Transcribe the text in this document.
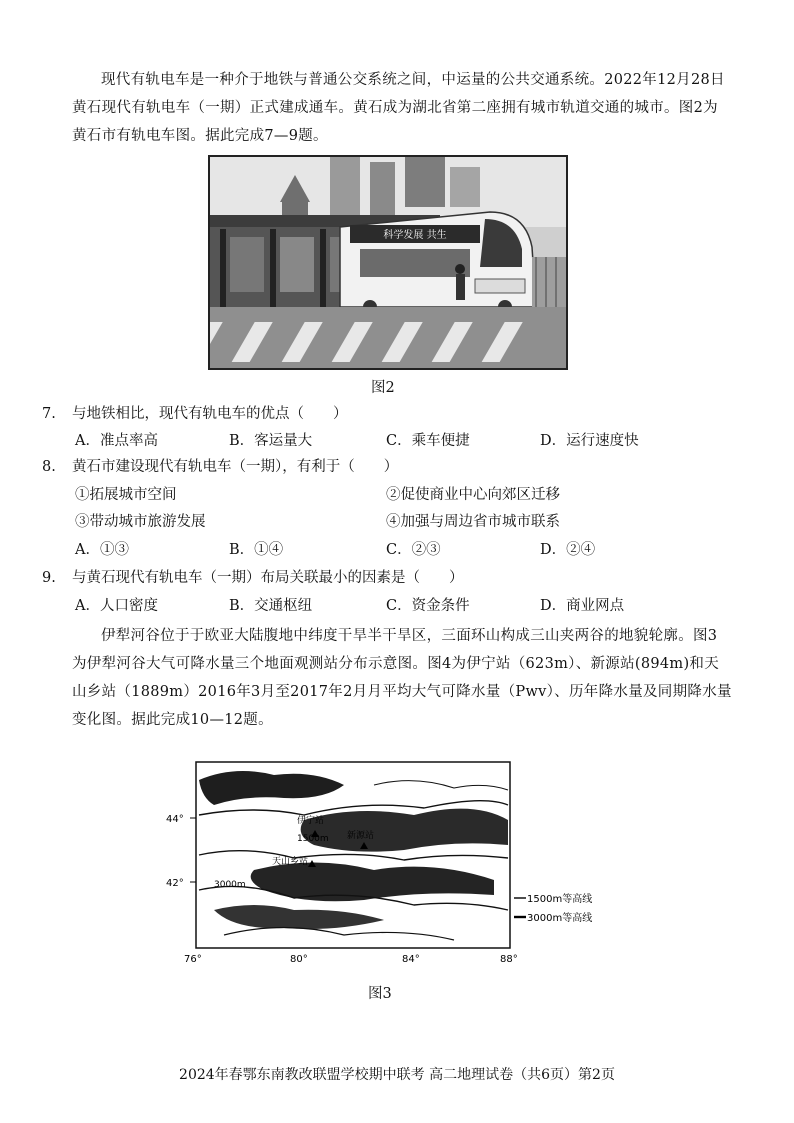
现代有轨电车是一种介于地铁与普通公交系统之间，中运量的公共交通系统。2022年12月28日黄石现代有轨电车（一期）正式建成通车。黄石成为湖北省第二座拥有城市轨道交通的城市。图2为黄石市有轨电车图。据此完成7—9题。

科学发展 共生
图2
7. 与地铁相比，现代有轨电车的优点（　　）
A．准点率高	B．客运量大	C．乘车便捷	D．运行速度快
8. 黄石市建设现代有轨电车（一期），有利于（　　）
①拓展城市空间	②促使商业中心向郊区迁移
③带动城市旅游发展	④加强与周边省市城市联系
A．①③	B．①④	C．②③	D．②④
9. 与黄石现代有轨电车（一期）布局关联最小的因素是（　　）
A．人口密度	B．交通枢纽	C．资金条件	D．商业网点

伊犁河谷位于于欧亚大陆腹地中纬度干旱半干旱区，三面环山构成三山夹两谷的地貌轮廓。图3为伊犁河谷大气可降水量三个地面观测站分布示意图。图4为伊宁站（623m）、新源站(894m)和天山乡站（1889m）2016年3月至2017年2月月平均大气可降水量（Pwv）、历年降水量及同期降水量变化图。据此完成10—12题。

伊宁站
新源站
天山乡站
1500m
3000m
44°
42°
76°	80°	84°	88°
1500m等高线
3000m等高线
图3
2024年春鄂东南教改联盟学校期中联考 高二地理试卷（共6页）第2页
